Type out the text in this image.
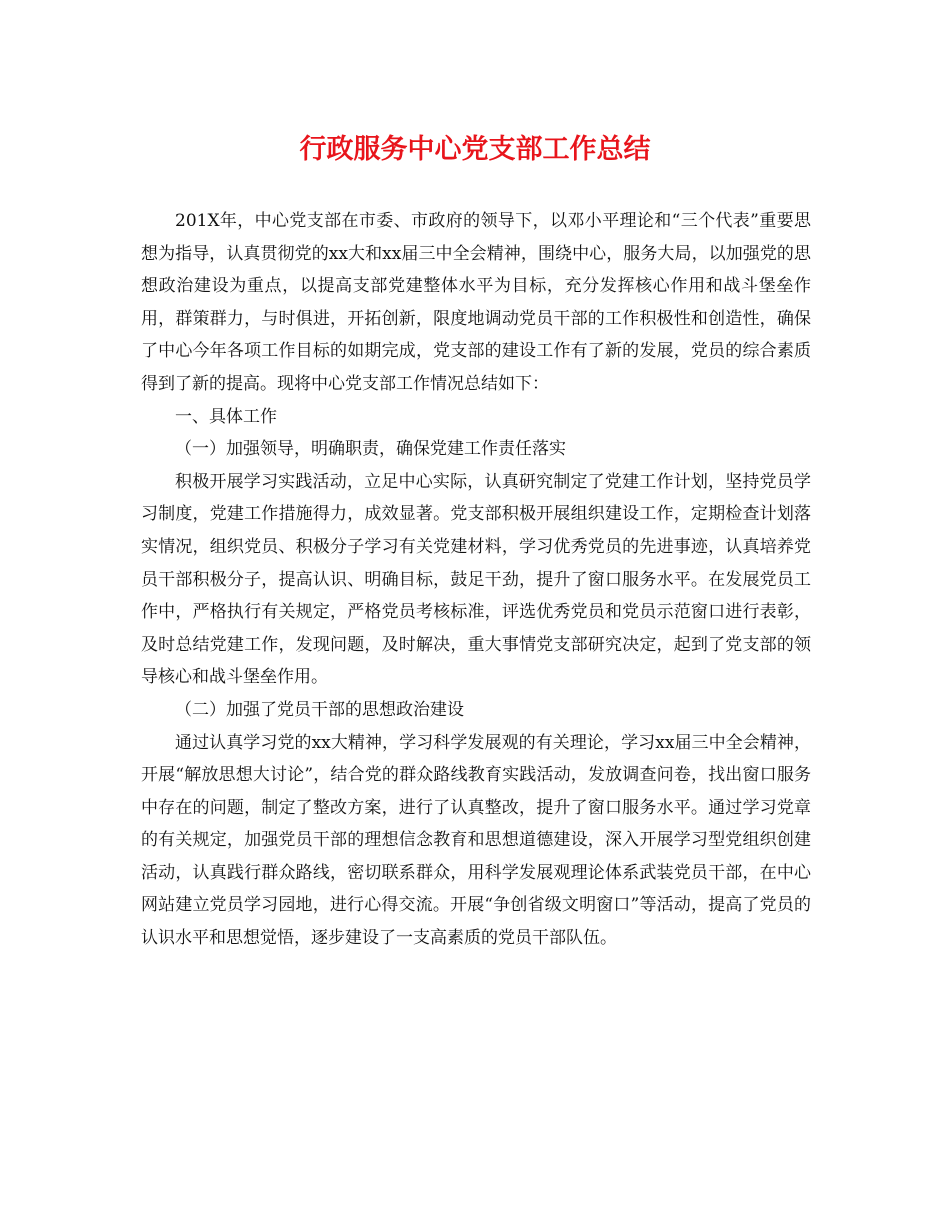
行政服务中心党支部工作总结

201X年，中心党支部在市委、市政府的领导下，以邓小平理论和“三个代表”重要思想为指导，认真贯彻党的xx大和xx届三中全会精神，围绕中心，服务大局，以加强党的思想政治建设为重点，以提高支部党建整体水平为目标，充分发挥核心作用和战斗堡垒作用，群策群力，与时俱进，开拓创新，限度地调动党员干部的工作积极性和创造性，确保了中心今年各项工作目标的如期完成，党支部的建设工作有了新的发展，党员的综合素质得到了新的提高。现将中心党支部工作情况总结如下：

一、具体工作

（一）加强领导，明确职责，确保党建工作责任落实

积极开展学习实践活动，立足中心实际，认真研究制定了党建工作计划，坚持党员学习制度，党建工作措施得力，成效显著。党支部积极开展组织建设工作，定期检查计划落实情况，组织党员、积极分子学习有关党建材料，学习优秀党员的先进事迹，认真培养党员干部积极分子，提高认识、明确目标，鼓足干劲，提升了窗口服务水平。在发展党员工作中，严格执行有关规定，严格党员考核标准，评选优秀党员和党员示范窗口进行表彰，及时总结党建工作，发现问题，及时解决，重大事情党支部研究决定，起到了党支部的领导核心和战斗堡垒作用。

（二）加强了党员干部的思想政治建设

通过认真学习党的xx大精神，学习科学发展观的有关理论，学习xx届三中全会精神，开展“解放思想大讨论”，结合党的群众路线教育实践活动，发放调查问卷，找出窗口服务中存在的问题，制定了整改方案，进行了认真整改，提升了窗口服务水平。通过学习党章的有关规定，加强党员干部的理想信念教育和思想道德建设，深入开展学习型党组织创建活动，认真践行群众路线，密切联系群众，用科学发展观理论体系武装党员干部，在中心网站建立党员学习园地，进行心得交流。开展“争创省级文明窗口”等活动，提高了党员的认识水平和思想觉悟，逐步建设了一支高素质的党员干部队伍。
